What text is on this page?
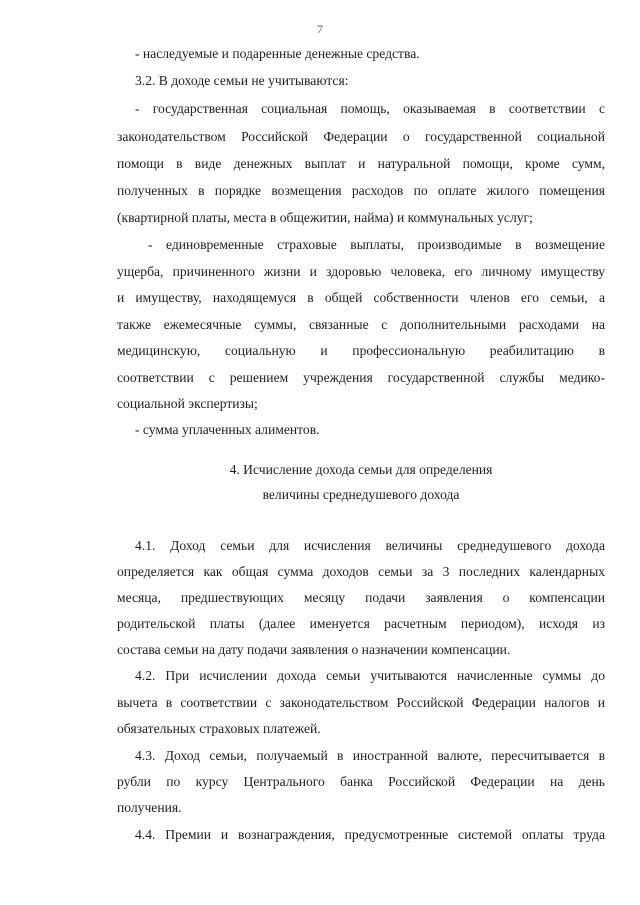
7
- наследуемые и подаренные денежные средства.
3.2. В доходе семьи не учитываются:
- государственная социальная помощь, оказываемая в соответствии с
законодательством Российской Федерации о государственной социальной
помощи в виде денежных выплат и натуральной помощи, кроме сумм,
полученных в порядке возмещения расходов по оплате жилого помещения
(квартирной платы, места в общежитии, найма) и коммунальных услуг;
- единовременные страховые выплаты, производимые в возмещение
ущерба, причиненного жизни и здоровью человека, его личному имуществу
и имуществу, находящемуся в общей собственности членов его семьи, а
также ежемесячные суммы, связанные с дополнительными расходами на
медицинскую, социальную и профессиональную реабилитацию в
соответствии с решением учреждения государственной службы медико-
социальной экспертизы;
- сумма уплаченных алиментов.
4. Исчисление дохода семьи для определения
величины среднедушевого дохода
4.1. Доход семьи для исчисления величины среднедушевого дохода
определяется как общая сумма доходов семьи за 3 последних календарных
месяца, предшествующих месяцу подачи заявления о компенсации
родительской платы (далее именуется расчетным периодом), исходя из
состава семьи на дату подачи заявления о назначении компенсации.
4.2. При исчислении дохода семьи учитываются начисленные суммы до
вычета в соответствии с законодательством Российской Федерации налогов и
обязательных страховых платежей.
4.3. Доход семьи, получаемый в иностранной валюте, пересчитывается в
рубли по курсу Центрального банка Российской Федерации на день
получения.
4.4. Премии и вознаграждения, предусмотренные системой оплаты труда
